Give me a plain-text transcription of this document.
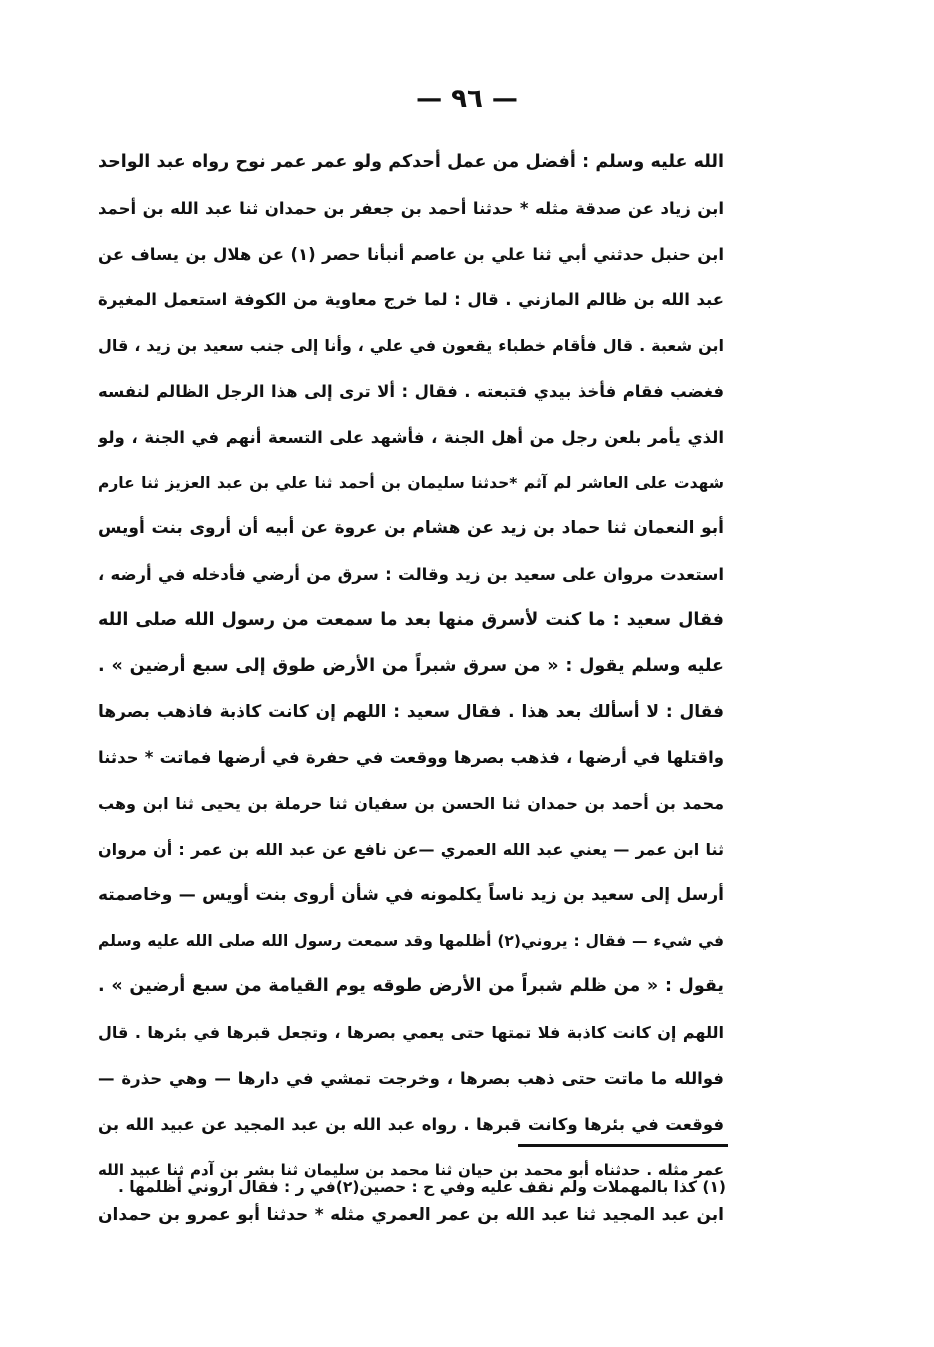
— ٩٦ —
الله عليه وسلم : أفضل من عمل أحدكم ولو عمر عمر نوح رواه عبد الواحد
ابن زياد عن صدقة مثله * حدثنا أحمد بن جعفر بن حمدان ثنا عبد الله بن أحمد
ابن حنبل حدثني أبي ثنا علي بن عاصم أنبأنا حصر (١) عن هلال بن يساف عن
عبد الله بن ظالم المازني . قال : لما خرج معاوية من الكوفة استعمل المغيرة
ابن شعبة . قال فأقام خطباء يقعون في علي ، وأنا إلى جنب سعيد بن زيد ، قال
فغضب فقام فأخذ بيدي فتبعته . فقال : ألا ترى إلى هذا الرجل الظالم لنفسه
الذي يأمر بلعن رجل من أهل الجنة ، فأشهد على التسعة أنهم في الجنة ، ولو
شهدت على العاشر لم آثم *حدثنا سليمان بن أحمد ثنا علي بن عبد العزيز ثنا عارم
أبو النعمان ثنا حماد بن زيد عن هشام بن عروة عن أبيه أن أروى بنت أويس
استعدت مروان على سعيد بن زيد وقالت : سرق من أرضي فأدخله في أرضه ،
فقال سعيد : ما كنت لأسرق منها بعد ما سمعت من رسول الله صلى الله
عليه وسلم يقول : « من سرق شبراً من الأرض طوق إلى سبع أرضين » .
فقال : لا أسألك بعد هذا . فقال سعيد : اللهم إن كانت كاذبة فاذهب بصرها
واقتلها في أرضها ، فذهب بصرها ووقعت في حفرة في أرضها فماتت * حدثنا
محمد بن أحمد بن حمدان ثنا الحسن بن سفيان ثنا حرملة بن يحيى ثنا ابن وهب
ثنا ابن عمر — يعني عبد الله العمري —عن نافع عن عبد الله بن عمر : أن مروان
أرسل إلى سعيد بن زيد ناساً يكلمونه في شأن أروى بنت أويس — وخاصمته
في شيء — فقال : يروني(٢) أظلمها وقد سمعت رسول الله صلى الله عليه وسلم
يقول : « من ظلم شبراً من الأرض طوقه يوم القيامة من سبع أرضين » .
اللهم إن كانت كاذبة فلا تمتها حتى يعمي بصرها ، وتجعل قبرها في بئرها . قال
فوالله ما ماتت حتى ذهب بصرها ، وخرجت تمشي في دارها — وهي حذرة —
فوقعت في بئرها وكانت قبرها . رواه عبد الله بن عبد المجيد عن عبيد الله بن
عمر مثله . حدثناه أبو محمد بن حيان ثنا محمد بن سليمان ثنا بشر بن آدم ثنا عبيد الله
ابن عبد المجيد ثنا عبد الله بن عمر العمري مثله * حدثنا أبو عمرو بن حمدان
(١) كذا بالمهملات ولم نقف عليه وفي ح : حصين(٢)في ر : فقال اروني أظلمها .
